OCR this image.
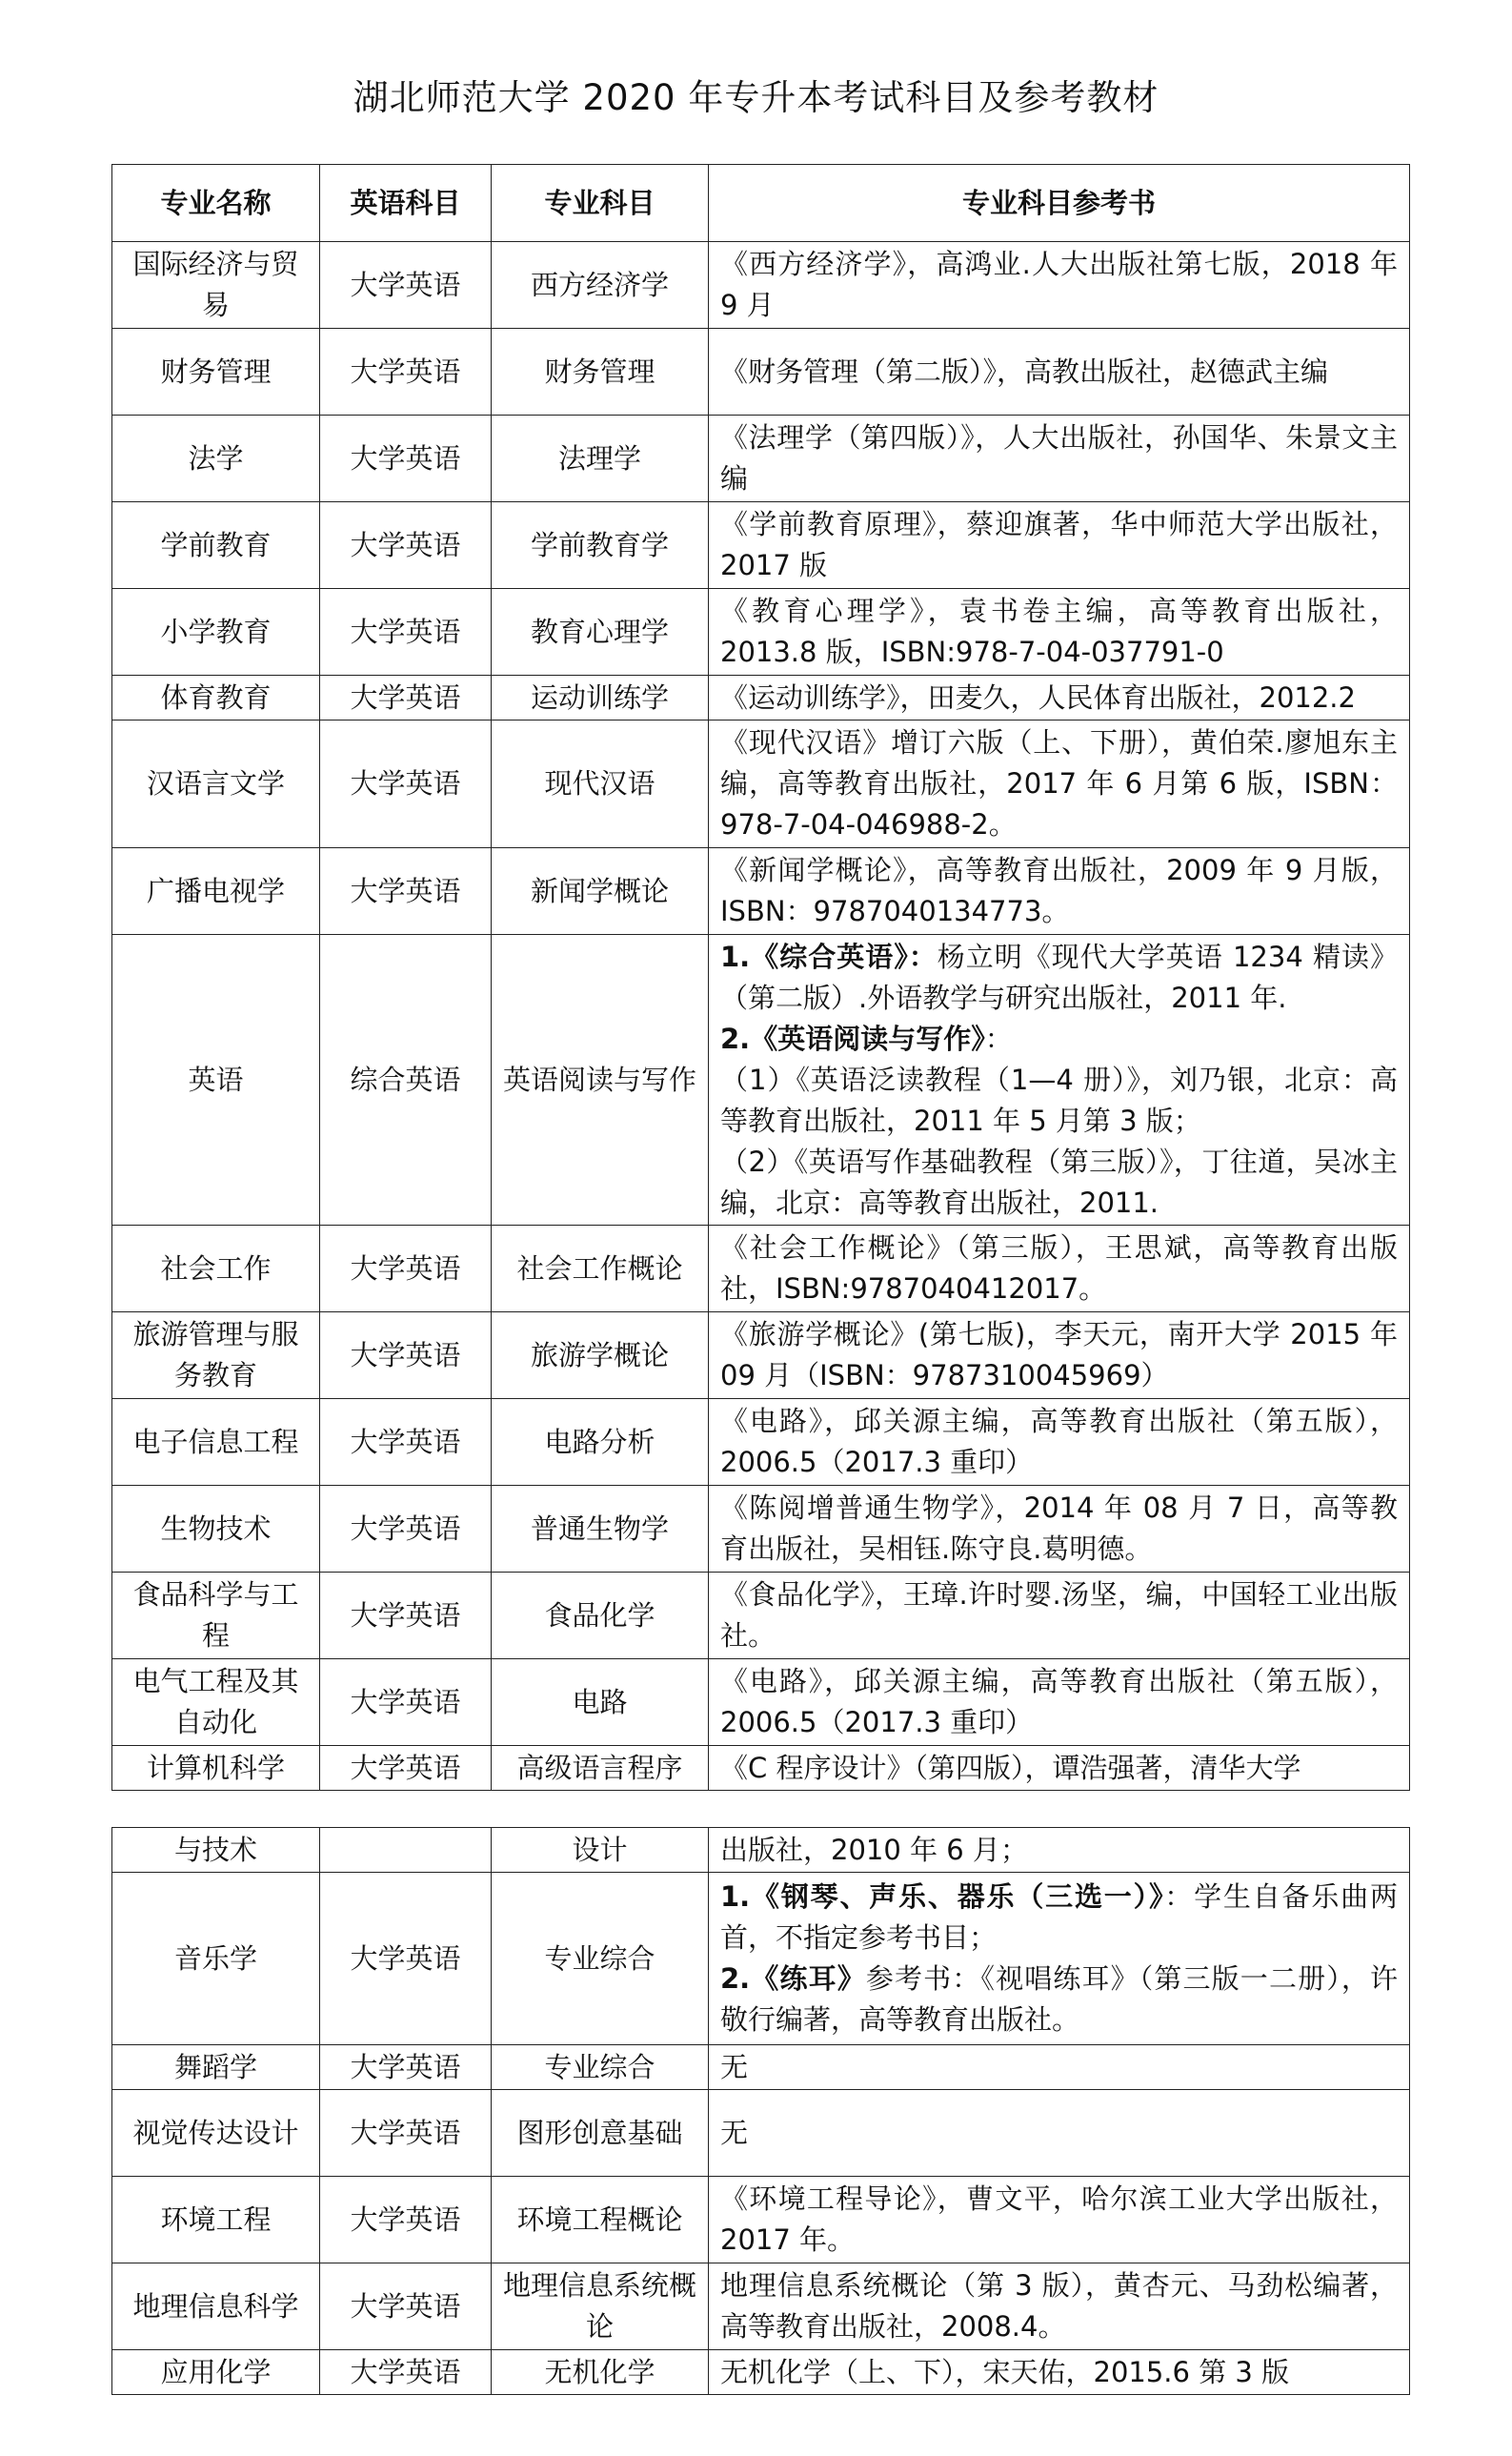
湖北师范大学 2020 年专升本考试科目及参考教材
专业名称	英语科目	专业科目	专业科目参考书
国际经济与贸易	大学英语	西方经济学	《西方经济学》，高鸿业.人大出版社第七版，2018 年 9 月
财务管理	大学英语	财务管理	《财务管理（第二版）》，高教出版社，赵德武主编
法学	大学英语	法理学	《法理学（第四版）》，人大出版社，孙国华、朱景文主编
学前教育	大学英语	学前教育学	《学前教育原理》，蔡迎旗著，华中师范大学出版社，2017 版
小学教育	大学英语	教育心理学	《教育心理学》，袁书卷主编，高等教育出版社，2013.8 版，ISBN:978-7-04-037791-0
体育教育	大学英语	运动训练学	《运动训练学》，田麦久，人民体育出版社，2012.2
汉语言文学	大学英语	现代汉语	《现代汉语》增订六版（上、下册），黄伯荣.廖旭东主编，高等教育出版社，2017 年 6 月第 6 版，ISBN：978-7-04-046988-2。
广播电视学	大学英语	新闻学概论	《新闻学概论》，高等教育出版社，2009 年 9 月版，ISBN：9787040134773。
英语	综合英语	英语阅读与写作	1.《综合英语》：杨立明《现代大学英语 1234 精读》（第二版）.外语教学与研究出版社，2011 年.
2.《英语阅读与写作》：
（1）《英语泛读教程（1—4 册）》，刘乃银，北京：高等教育出版社，2011 年 5 月第 3 版；
（2）《英语写作基础教程（第三版）》，丁往道，吴冰主编，北京：高等教育出版社，2011.
社会工作	大学英语	社会工作概论	《社会工作概论》（第三版），王思斌，高等教育出版社，ISBN:9787040412017。
旅游管理与服务教育	大学英语	旅游学概论	《旅游学概论》(第七版)，李天元，南开大学 2015 年 09 月（ISBN：9787310045969）
电子信息工程	大学英语	电路分析	《电路》，邱关源主编，高等教育出版社（第五版），2006.5（2017.3 重印）
生物技术	大学英语	普通生物学	《陈阅增普通生物学》，2014 年 08 月 7 日，高等教育出版社，吴相钰.陈守良.葛明德。
食品科学与工程	大学英语	食品化学	《食品化学》，王璋.许时婴.汤坚，编，中国轻工业出版社。
电气工程及其自动化	大学英语	电路	《电路》，邱关源主编，高等教育出版社（第五版），2006.5（2017.3 重印）
计算机科学	大学英语	高级语言程序	《C 程序设计》（第四版），谭浩强著，清华大学
与技术		设计	出版社，2010 年 6 月；
音乐学	大学英语	专业综合	1.《钢琴、声乐、器乐（三选一）》：学生自备乐曲两首，不指定参考书目；
2.《练耳》参考书：《视唱练耳》（第三版一二册），许敬行编著，高等教育出版社。
舞蹈学	大学英语	专业综合	无
视觉传达设计	大学英语	图形创意基础	无
环境工程	大学英语	环境工程概论	《环境工程导论》，曹文平，哈尔滨工业大学出版社，2017 年。
地理信息科学	大学英语	地理信息系统概论	地理信息系统概论（第 3 版），黄杏元、马劲松编著，高等教育出版社，2008.4。
应用化学	大学英语	无机化学	无机化学（上、下），宋天佑，2015.6 第 3 版
